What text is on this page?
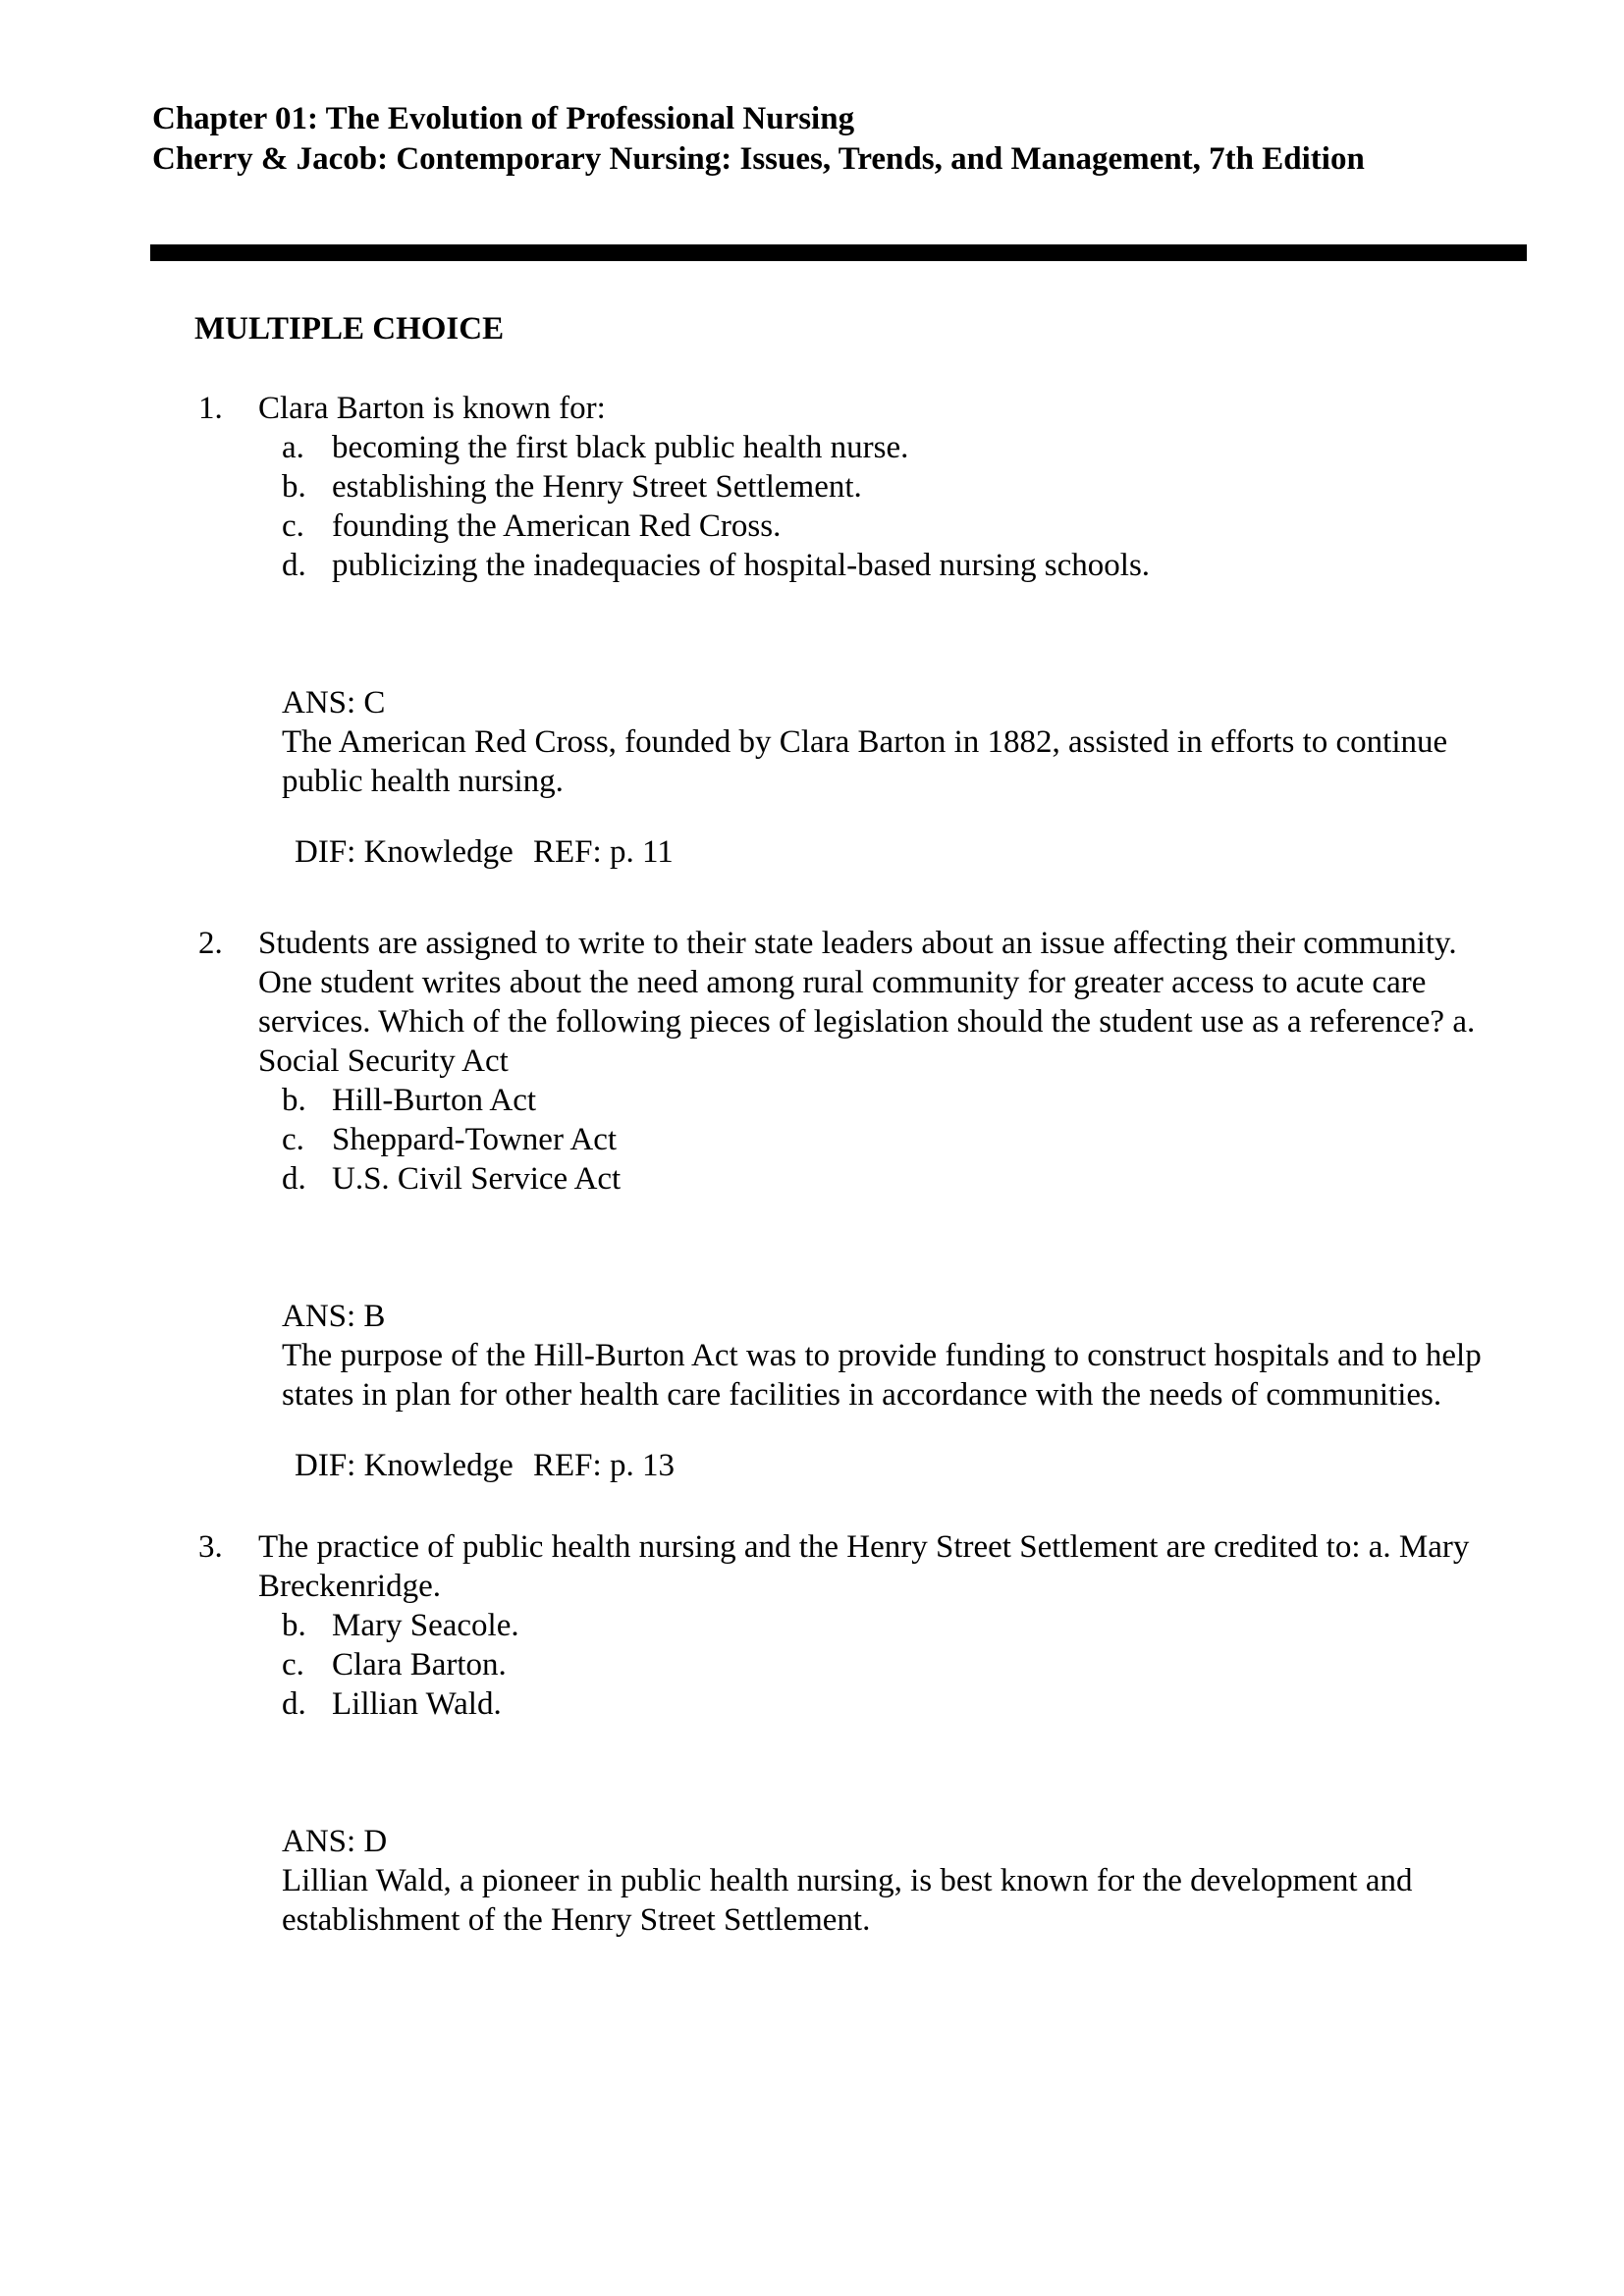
Chapter 01: The Evolution of Professional Nursing
Cherry & Jacob: Contemporary Nursing: Issues, Trends, and Management, 7th Edition
MULTIPLE CHOICE
1. Clara Barton is known for:
a. becoming the first black public health nurse.
b. establishing the Henry Street Settlement.
c. founding the American Red Cross.
d. publicizing the inadequacies of hospital-based nursing schools.
ANS: C
The American Red Cross, founded by Clara Barton in 1882, assisted in efforts to continue public health nursing.
DIF: Knowledge REF: p. 11
2. Students are assigned to write to their state leaders about an issue affecting their community. One student writes about the need among rural community for greater access to acute care services. Which of the following pieces of legislation should the student use as a reference? a. Social Security Act
b. Hill-Burton Act
c. Sheppard-Towner Act
d. U.S. Civil Service Act
ANS: B
The purpose of the Hill-Burton Act was to provide funding to construct hospitals and to help states in plan for other health care facilities in accordance with the needs of communities.
DIF: Knowledge REF: p. 13
3. The practice of public health nursing and the Henry Street Settlement are credited to: a. Mary Breckenridge.
b. Mary Seacole.
c. Clara Barton.
d. Lillian Wald.
ANS: D
Lillian Wald, a pioneer in public health nursing, is best known for the development and establishment of the Henry Street Settlement.
